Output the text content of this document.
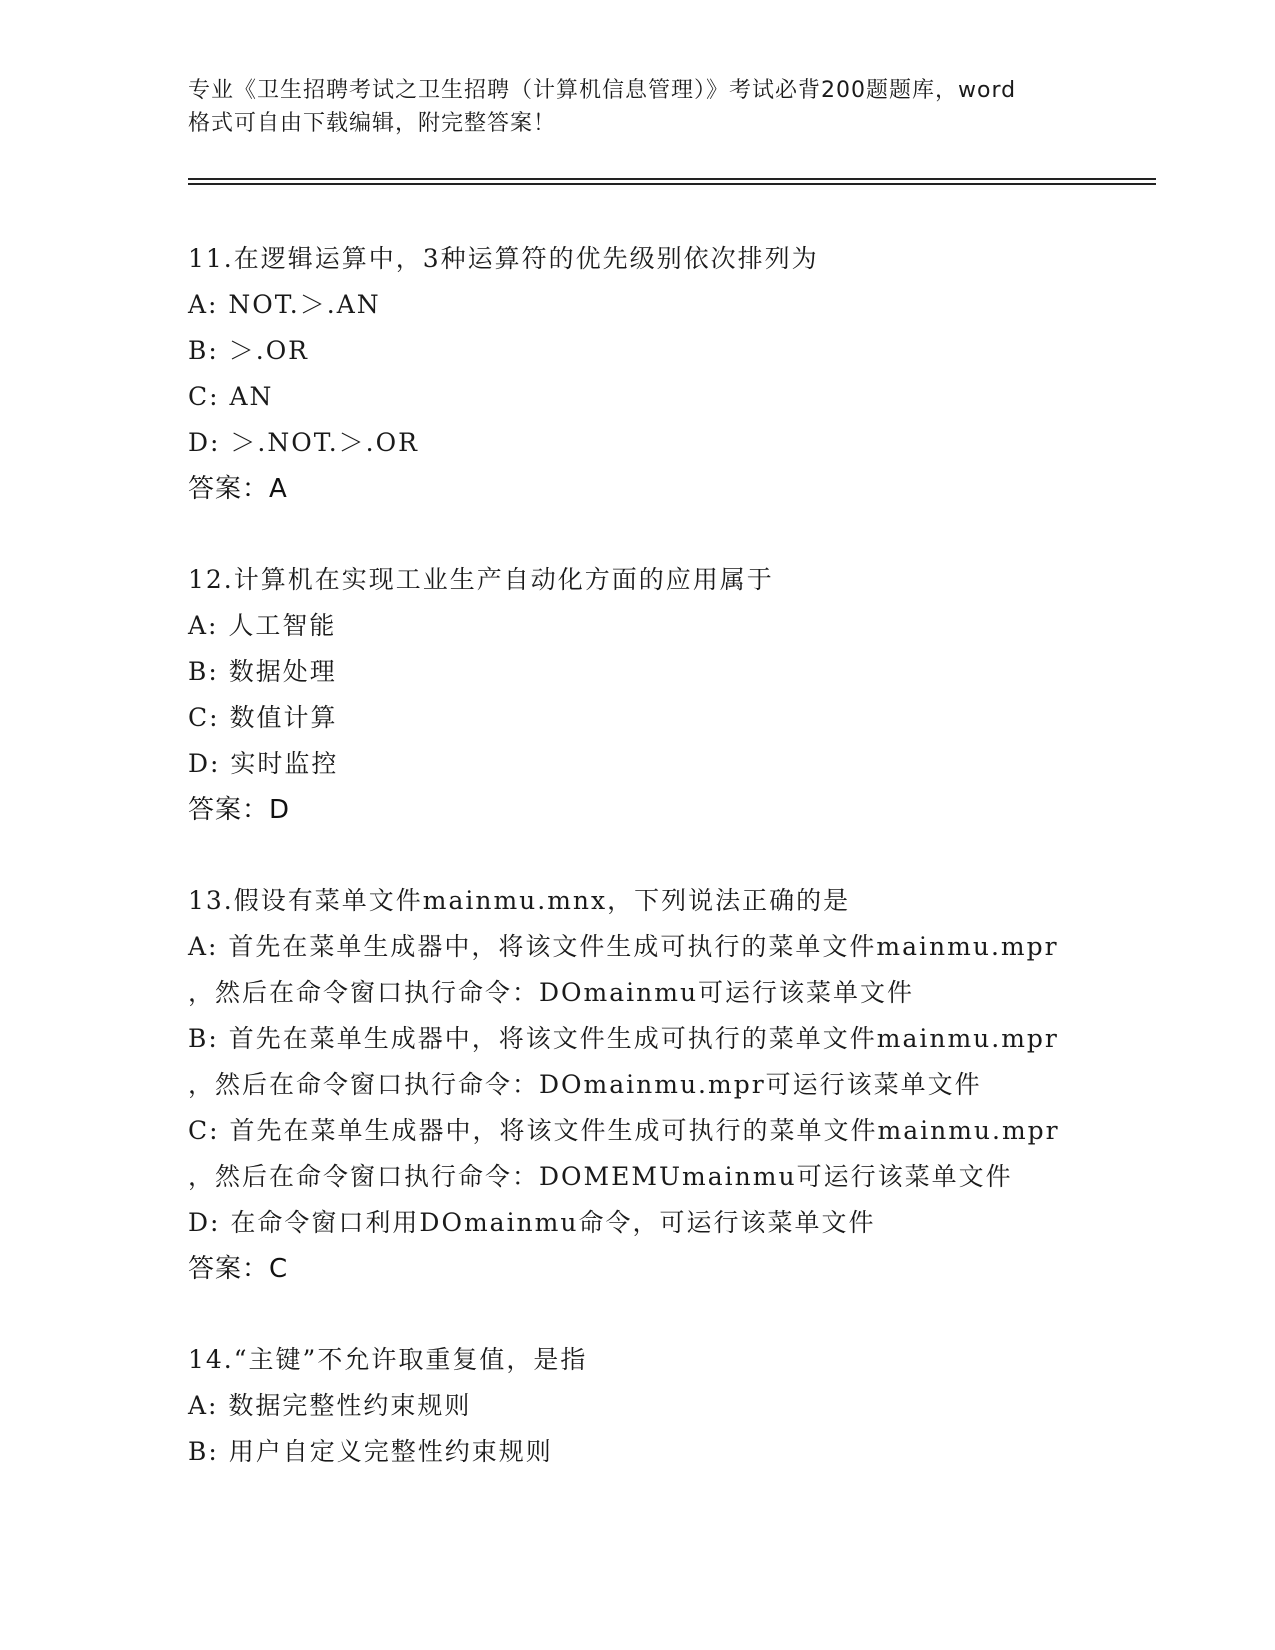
专业《卫生招聘考试之卫生招聘（计算机信息管理）》考试必背200题题库，word
格式可自由下载编辑，附完整答案！
11.在逻辑运算中，3种运算符的优先级别依次排列为
A: NOT.＞.AN
B: ＞.OR
C: AN
D: ＞.NOT.＞.OR
答案：A
12.计算机在实现工业生产自动化方面的应用属于
A: 人工智能
B: 数据处理
C: 数值计算
D: 实时监控
答案：D
13.假设有菜单文件mainmu.mnx，下列说法正确的是
A: 首先在菜单生成器中，将该文件生成可执行的菜单文件mainmu.mpr
，然后在命令窗口执行命令：DOmainmu可运行该菜单文件
B: 首先在菜单生成器中，将该文件生成可执行的菜单文件mainmu.mpr
，然后在命令窗口执行命令：DOmainmu.mpr可运行该菜单文件
C: 首先在菜单生成器中，将该文件生成可执行的菜单文件mainmu.mpr
，然后在命令窗口执行命令：DOMEMUmainmu可运行该菜单文件
D: 在命令窗口利用DOmainmu命令，可运行该菜单文件
答案：C
14.“主键”不允许取重复值，是指
A: 数据完整性约束规则
B: 用户自定义完整性约束规则
